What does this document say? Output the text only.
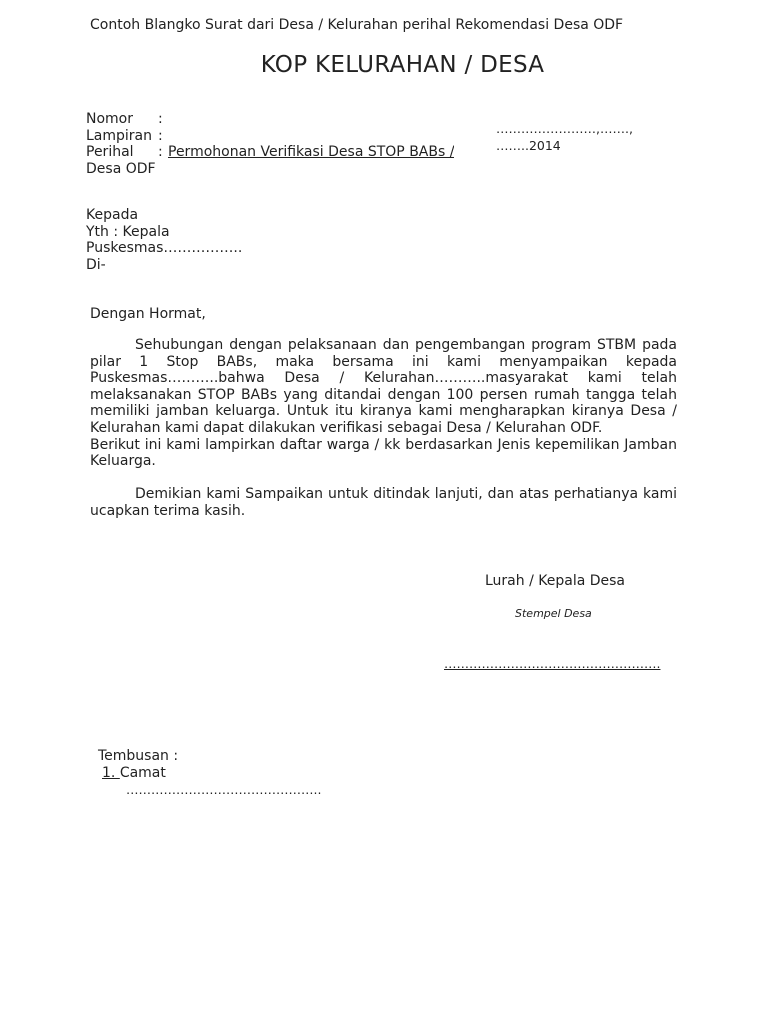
Contoh Blangko Surat dari Desa / Kelurahan perihal Rekomendasi Desa ODF
KOP KELURAHAN / DESA
Nomor	:
Lampiran :
Perihal	: Permohonan Verifikasi Desa STOP BABs /
Desa ODF
……………………,…….,
……..2014
Kepada
Yth : Kepala
Puskesmas……………..
Di-
Dengan Hormat,

Sehubungan dengan pelaksanaan dan pengembangan program STBM pada pilar 1 Stop BABs, maka bersama ini kami menyampaikan kepada Puskesmas………..bahwa Desa / Kelurahan………..masyarakat kami telah melaksanakan STOP BABs yang ditandai dengan 100 persen rumah tangga telah memiliki jamban keluarga. Untuk itu kiranya kami mengharapkan kiranya Desa / Kelurahan kami dapat dilakukan verifikasi sebagai Desa / Kelurahan ODF.

Berikut ini kami lampirkan daftar warga / kk berdasarkan Jenis kepemilikan Jamban Keluarga.

Demikian kami Sampaikan untuk ditindak lanjuti, dan atas perhatianya kami ucapkan terima kasih.

Lurah / Kepala Desa
Stempel Desa
…………………………………………….
Tembusan :
1. Camat
………………………………………..
